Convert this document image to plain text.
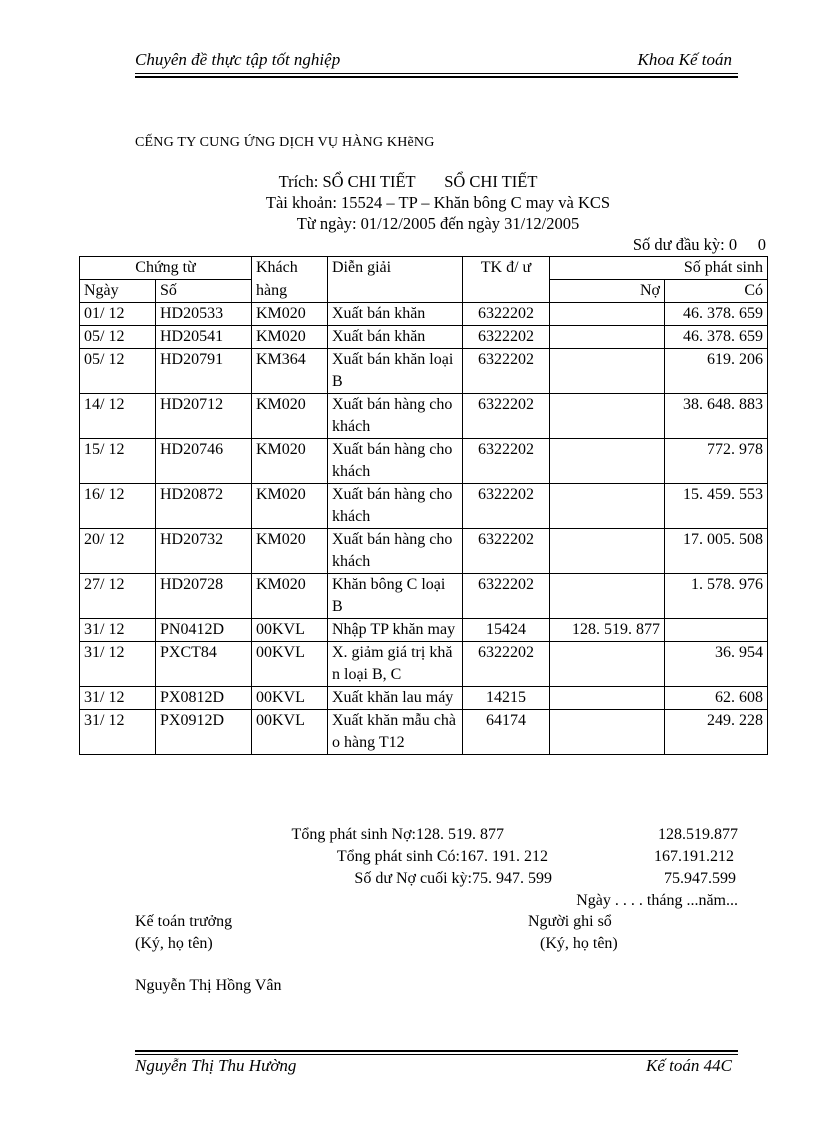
Chuyên đề thực tập tốt nghiệp	Khoa Kế toán
CẾNG TY CUNG ỨNG DỊCH VỤ HÀNG KHẽNG
Trích: SỔ CHI TIẾT       SỔ CHI TIẾT
Tài khoản: 15524 – TP – Khăn bông C may và KCS
Từ ngày: 01/12/2005 đến ngày 31/12/2005
Số dư đầu kỳ: 0     0
Chứng từ		Khách	Diễn giải	TK đ/ ư	Số phát sinh	
Ngày	Số	hàng			Nợ	Có
01/ 12	HD20533	KM020	Xuất bán khăn	6322202		46. 378. 659
05/ 12	HD20541	KM020	Xuất bán khăn	6322202		46. 378. 659
05/ 12	HD20791	KM364	Xuất bán khăn loại B	6322202		619. 206
14/ 12	HD20712	KM020	Xuất bán hàng cho khách	6322202		38. 648. 883
15/ 12	HD20746	KM020	Xuất bán hàng cho khách	6322202		772. 978
16/ 12	HD20872	KM020	Xuất bán hàng cho khách	6322202		15. 459. 553
20/ 12	HD20732	KM020	Xuất bán hàng cho khách	6322202		17. 005. 508
27/ 12	HD20728	KM020	Khăn bông C loại B	6322202		1. 578. 976
31/ 12	PN0412D	00KVL	Nhập TP khăn may	15424	128. 519. 877	
31/ 12	PXCT84	00KVL	X. giảm giá trị khăn loại B, C	6322202		36. 954
31/ 12	PX0812D	00KVL	Xuất khăn lau máy	14215		62. 608
31/ 12	PX0912D	00KVL	Xuất khăn mẫu chào hàng T12	64174		249. 228
Tổng phát sinh Nợ:128. 519. 877	128.519.877
Tổng phát sinh Có:167. 191. 212	167.191.212
Số dư Nợ cuối kỳ:75. 947. 599	75.947.599
Ngày . . . . tháng ...năm...
Kế toán trưởng
(Ký, họ tên)
Người ghi sổ
(Ký, họ tên)
Nguyễn Thị Hồng Vân
Nguyễn Thị Thu Hường	Kế toán 44C
